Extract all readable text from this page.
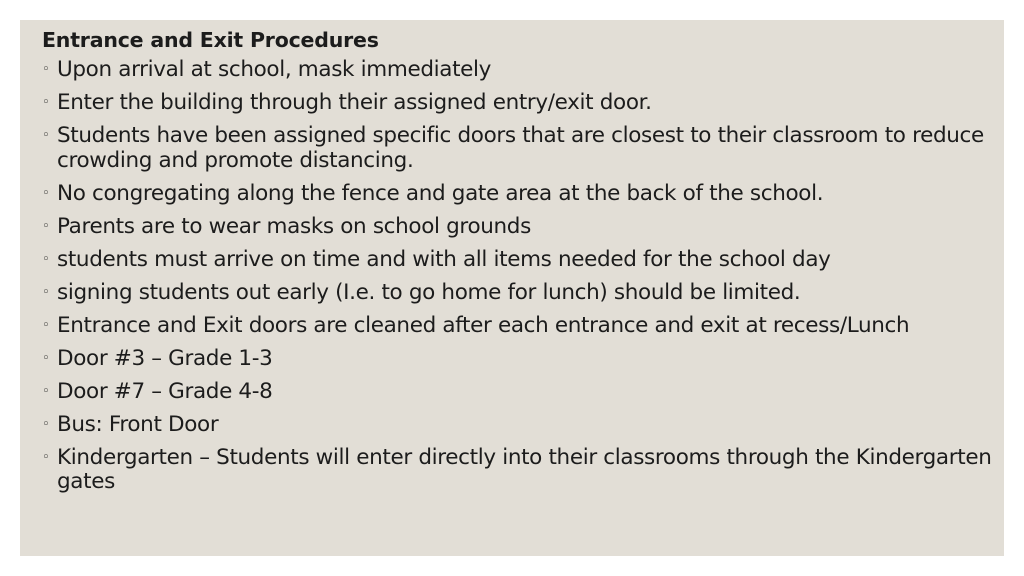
Entrance and Exit Procedures
◦ Upon arrival at school, mask immediately
◦ Enter the building through their assigned entry/exit door.
◦ Students have been assigned specific doors that are closest to their classroom to reduce crowding and promote distancing.
◦ No congregating along the fence and gate area at the back of the school.
◦ Parents are to wear masks on school grounds
◦ students must arrive on time and with all items needed for the school day
◦ signing students out early (I.e. to go home for lunch) should be limited.
◦ Entrance and Exit doors are cleaned after each entrance and exit at recess/Lunch
◦ Door #3 – Grade 1-3
◦ Door #7 – Grade 4-8
◦ Bus: Front Door
◦ Kindergarten – Students will enter directly into their classrooms through the Kindergarten gates
